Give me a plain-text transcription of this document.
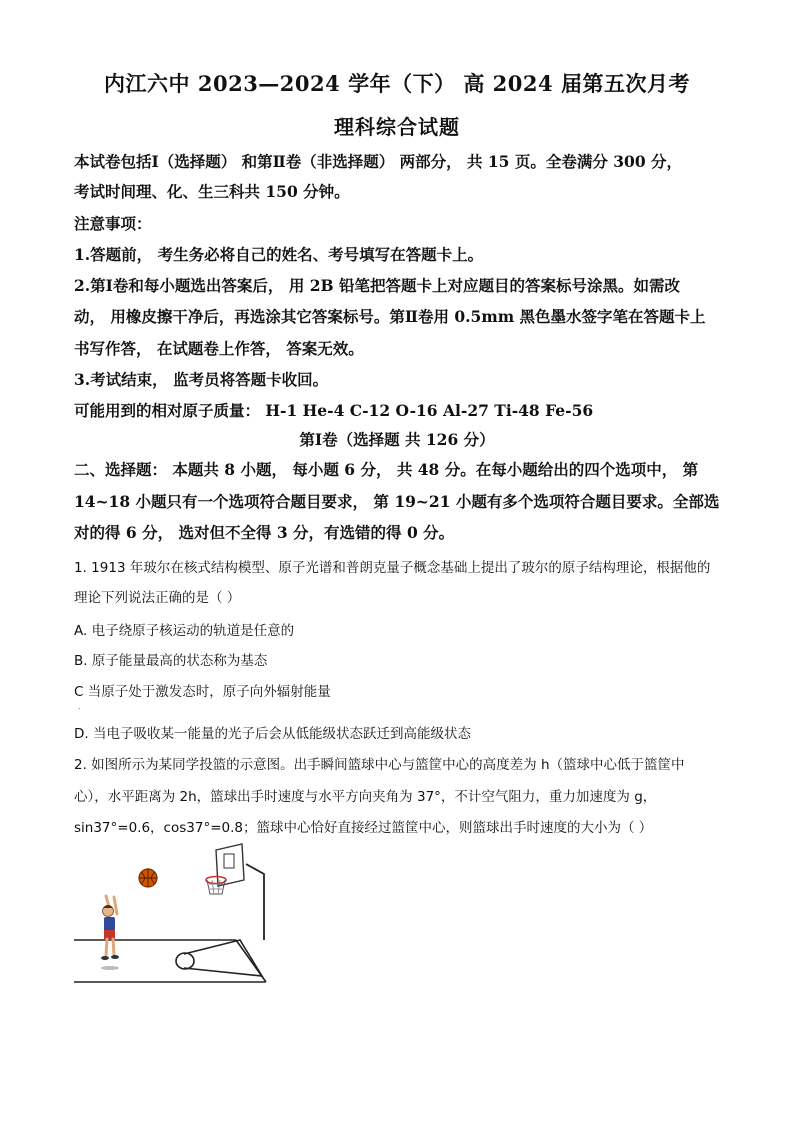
内江六中 2023—2024 学年（下） 高 2024 届第五次月考
理科综合试题
本试卷包括Ⅰ（选择题） 和第Ⅱ卷（非选择题） 两部分， 共 15 页。全卷满分 300 分，
考试时间理、化、生三科共 150 分钟。
注意事项：
1.答题前， 考生务必将自己的姓名、考号填写在答题卡上。
2.第Ⅰ卷和每小题选出答案后， 用 2B 铅笔把答题卡上对应题目的答案标号涂黑。如需改
动， 用橡皮擦干净后，再选涂其它答案标号。第Ⅱ卷用 0.5mm 黑色墨水签字笔在答题卡上
书写作答， 在试题卷上作答， 答案无效。
3.考试结束， 监考员将答题卡收回。
可能用到的相对原子质量： H-1 He-4 C-12 O-16 Al-27 Ti-48 Fe-56
第Ⅰ卷（选择题 共 126 分）
二、选择题： 本题共 8 小题， 每小题 6 分， 共 48 分。在每小题给出的四个选项中， 第
14~18 小题只有一个选项符合题目要求， 第 19~21 小题有多个选项符合题目要求。全部选
对的得 6 分， 选对但不全得 3 分，有选错的得 0 分。
1. 1913 年玻尔在核式结构模型、原子光谱和普朗克量子概念基础上提出了玻尔的原子结构理论，根据他的
理论下列说法正确的是（ ）
A. 电子绕原子核运动的轨道是任意的
B. 原子能量最高的状态称为基态
C 当原子处于激发态时，原子向外辐射能量
.
D. 当电子吸收某一能量的光子后会从低能级状态跃迁到高能级状态
2. 如图所示为某同学投篮的示意图。出手瞬间篮球中心与篮筐中心的高度差为 h（篮球中心低于篮筐中
心），水平距离为 2h，篮球出手时速度与水平方向夹角为 37°，不计空气阻力，重力加速度为 g，
sin37°=0.6，cos37°=0.8；篮球中心恰好直接经过篮筐中心，则篮球出手时速度的大小为（ ）
